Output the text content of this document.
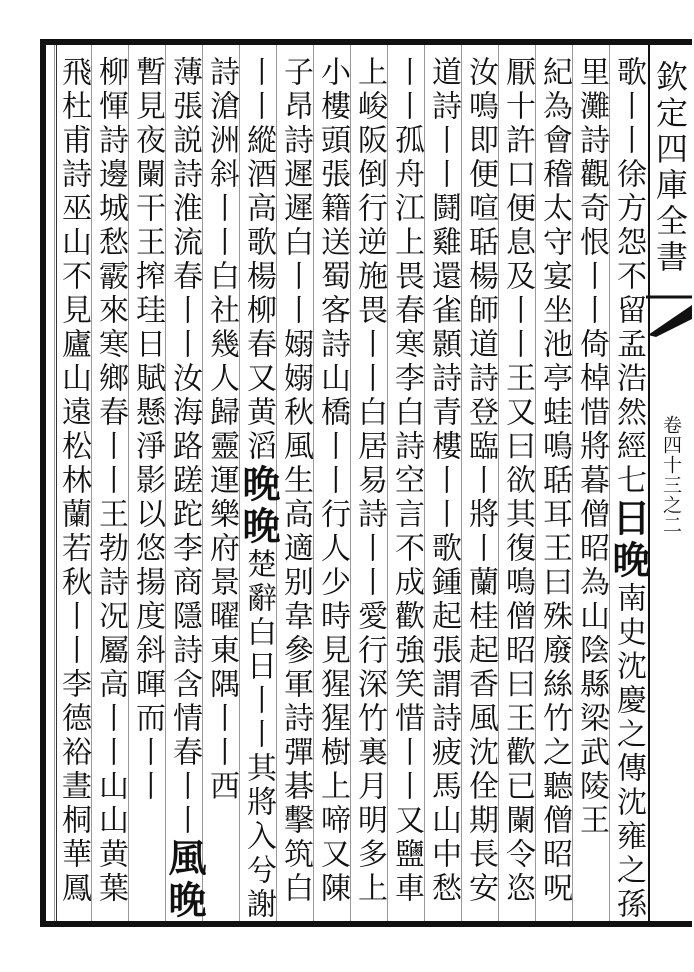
欽定四庫全書
卷四十三之二
歌丨丨徐方怨不留孟浩然經七日晚南史沈慶之傳沈雍之孫
里灘詩觀奇恨丨丨倚棹惜將暮僧昭為山陰縣梁武陵王
紀為會稽太守宴坐池亭蛙鳴聒耳王曰殊廢絲竹之聽僧昭呪
厭十許口便息及丨丨王又曰欲其復鳴僧昭曰王歡已闌令恣
汝鳴即便喧聒楊師道詩登臨丨將丨蘭桂起香風沈佺期長安
道詩丨丨鬪雞還雀顥詩青樓丨丨歌鍾起張謂詩疲馬山中愁
丨丨孤舟江上畏春寒李白詩空言不成歡強笑惜丨丨又鹽車
上峻阪倒行逆施畏丨丨白居易詩丨丨愛行深竹裏月明多上
小樓頭張籍送蜀客詩山橋丨丨行人少時見猩猩樹上啼又陳
子昂詩遲遲白丨丨嫋嫋秋風生高適别韋參軍詩彈碁擊筑白
丨丨縱酒高歌楊柳春又黄滔晚晚楚辭白日丨丨其將入兮謝
詩滄洲斜丨丨白社幾人歸靈運樂府景曜東隅丨丨西
薄張説詩淮流春丨丨汝海路蹉跎李商隱詩含情春丨丨風晚
暫見夜闌干王搾珪日賦懸淨影以悠揚度斜暉而丨丨
柳惲詩邊城愁霰來寒鄉春丨丨王勃詩况屬高丨丨山山黄葉
飛杜甫詩巫山不見廬山遠松林蘭若秋丨丨李德裕晝桐華鳳
